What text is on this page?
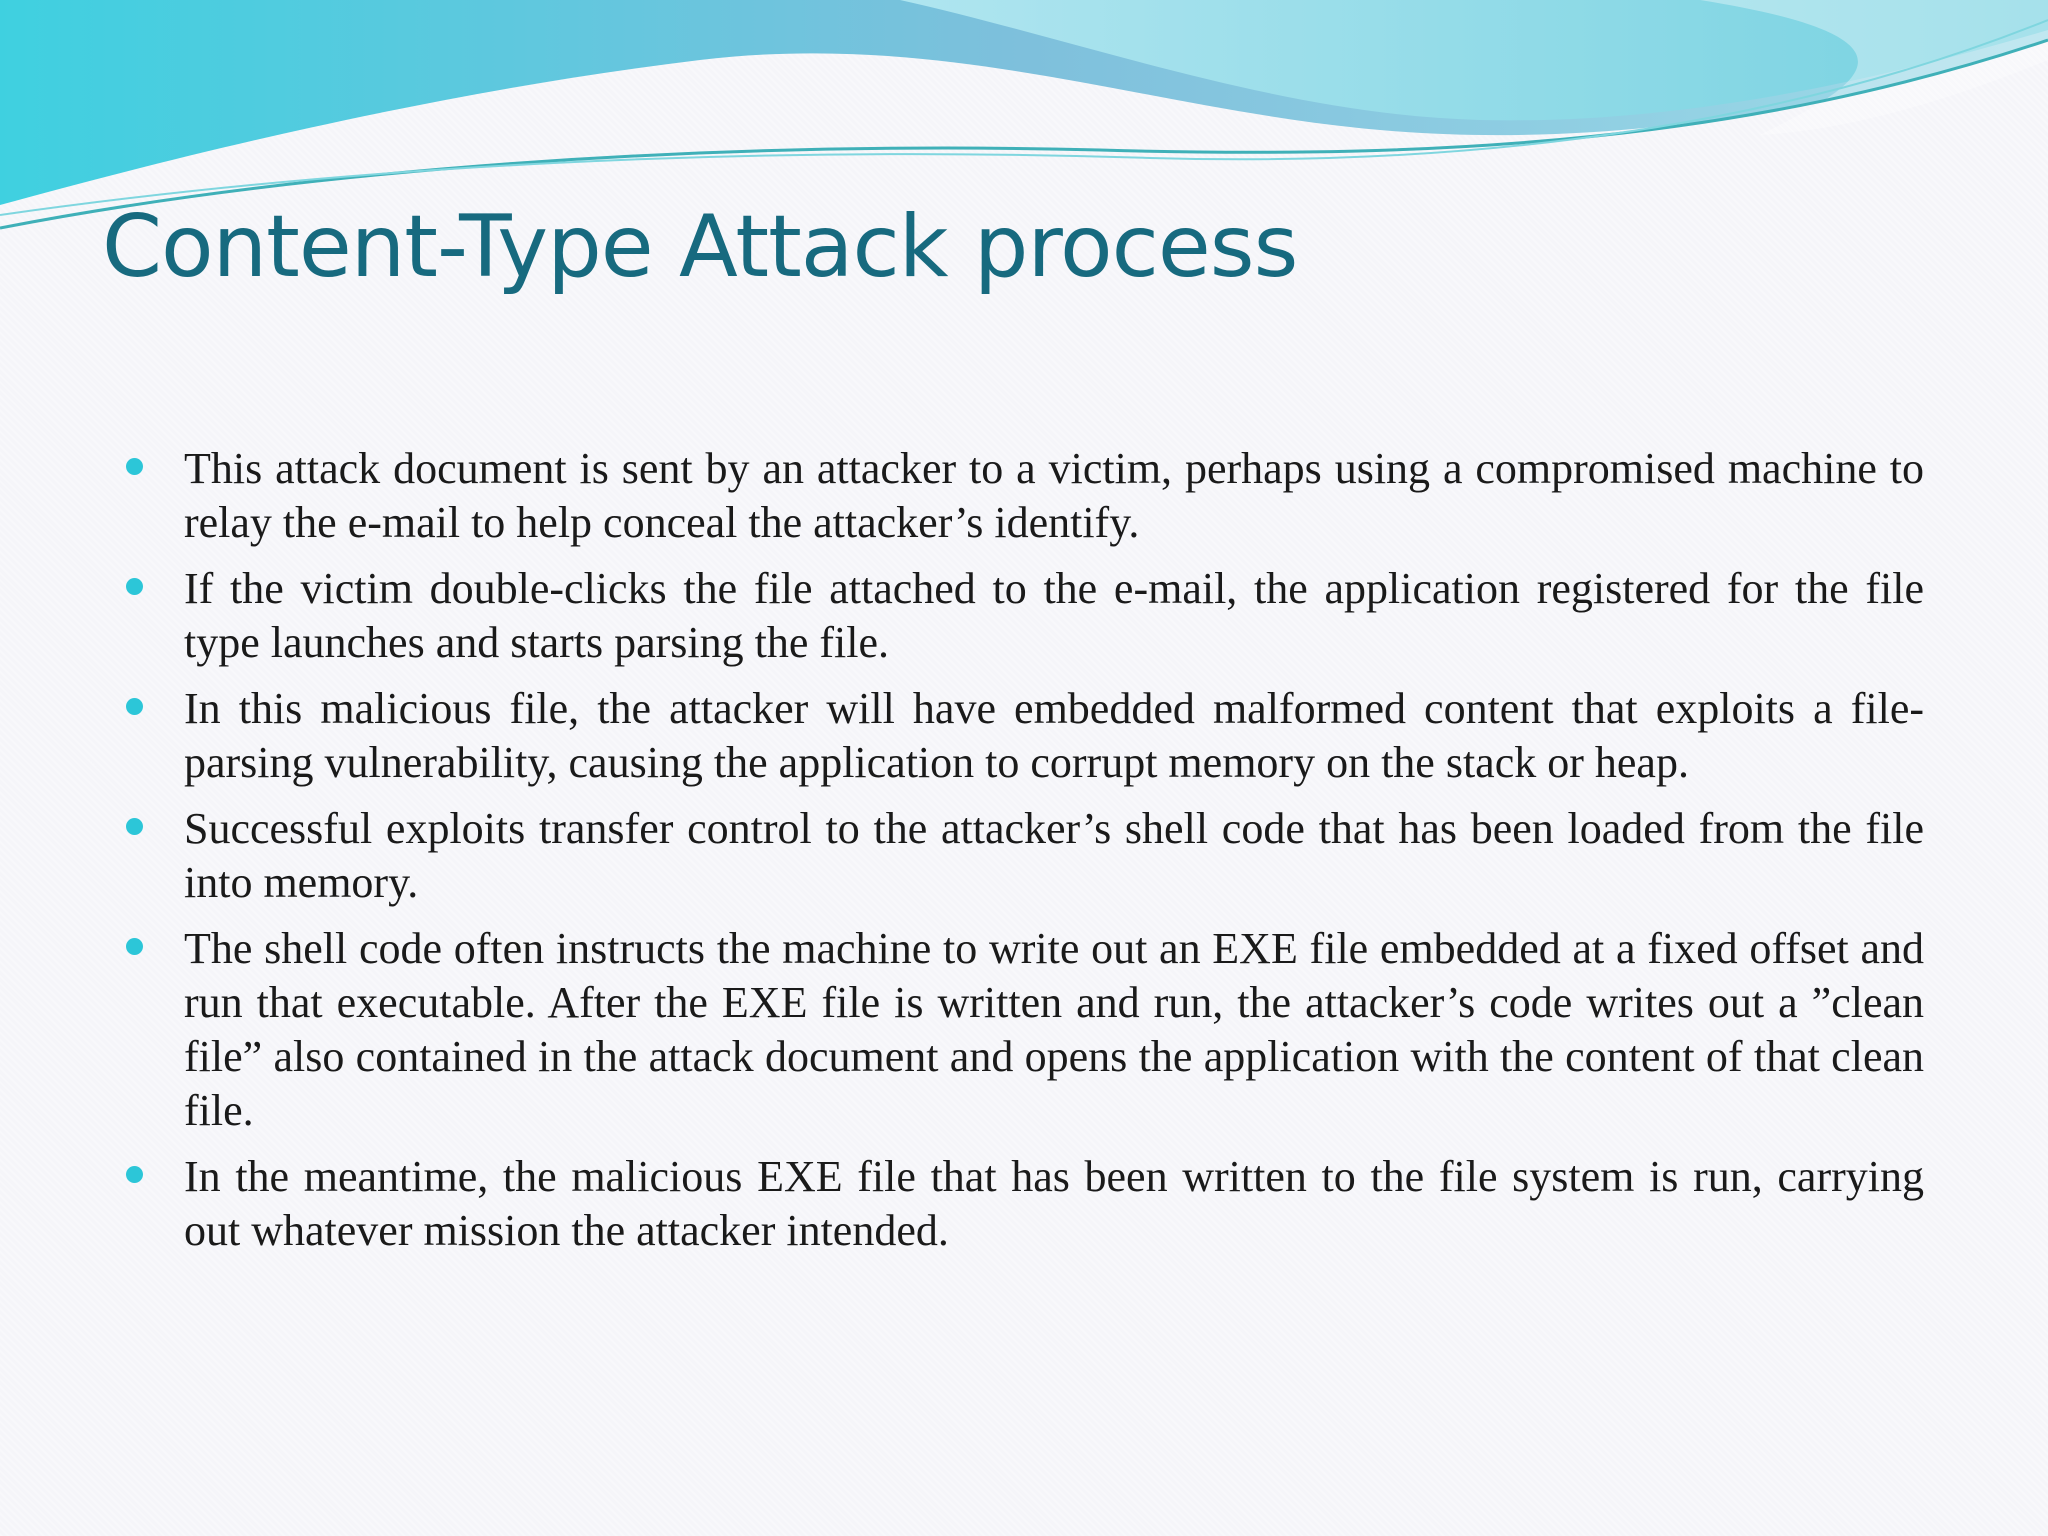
Content-Type Attack process
This attack document is sent by an attacker to a victim, perhaps using a compromised machine to relay the e-mail to help conceal the attacker’s identify.
If the victim double-clicks the file attached to the e-mail, the application registered for the file type launches and starts parsing the file.
In this malicious file, the attacker will have embedded malformed content that exploits a file-parsing vulnerability, causing the application to corrupt memory on the stack or heap.
Successful exploits transfer control to the attacker’s shell code that has been loaded from the file into memory.
The shell code often instructs the machine to write out an EXE file embedded at a fixed offset and run that executable. After the EXE file is written and run, the attacker’s code writes out a ”clean file” also contained in the attack document and opens the application with the content of that clean file.
In the meantime, the malicious EXE file that has been written to the file system is run, carrying out whatever mission the attacker intended.
